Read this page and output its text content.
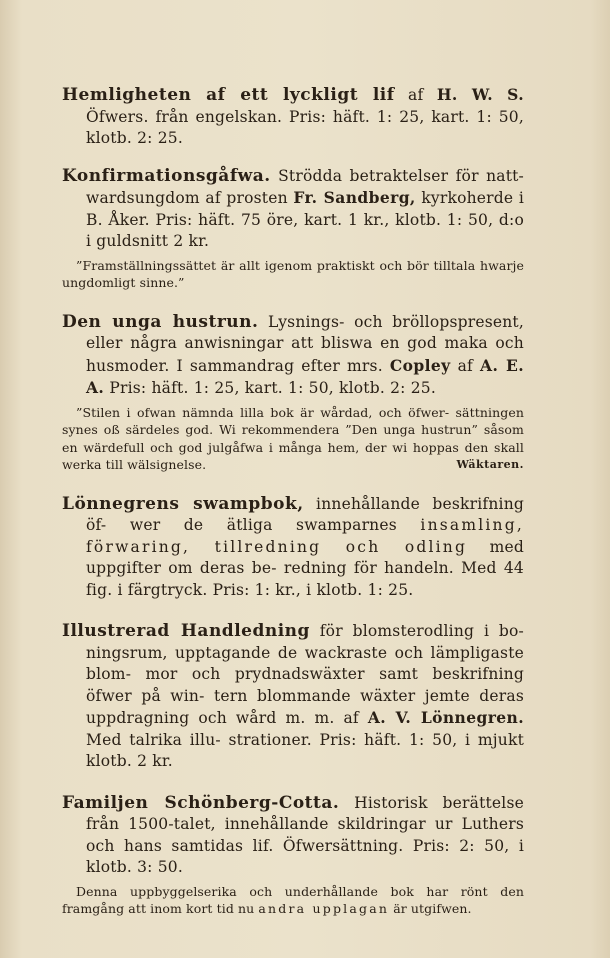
Hemligheten af ett lyckligt lif af H. W. S. Öfwers. från engelskan. Pris: häft. 1: 25, kart. 1: 50, klotb. 2: 25.

Konfirmationsgåfwa. Strödda betraktelser för natt- wardsungdom af prosten Fr. Sandberg, kyrkoherde i B. Åker. Pris: häft. 75 öre, kart. 1 kr., klotb. 1: 50, d:o i guldsnitt 2 kr.

”Framställningssättet är allt igenom praktiskt och bör tilltala hwarje ungdomligt sinne.”

Den unga hustrun. Lysnings- och bröllopspresent, eller några anwisningar att bliswa en god maka och husmoder. I sammandrag efter mrs. Copley af A. E. A. Pris: häft. 1: 25, kart. 1: 50, klotb. 2: 25.

”Stilen i ofwan nämnda lilla bok är wårdad, och öfwer- sättningen synes oß särdeles god. Wi rekommendera ”Den unga hustrun” såsom en wärdefull och god julgåfwa i många hem, der wi hoppas den skall werka till wälsignelse.	Wäktaren.

Lönnegrens swampbok, innehållande beskrifning öf- wer de ätliga swamparnes insamling, förwaring, tillredning och odling med uppgifter om deras be- redning för handeln. Med 44 fig. i färgtryck. Pris: 1: kr., i klotb. 1: 25.

Illustrerad Handledning för blomsterodling i bo- ningsrum, upptagande de wackraste och lämpligaste blom- mor och prydnadswäxter samt beskrifning öfwer på win- tern blommande wäxter jemte deras uppdragning och wård m. m. af A. V. Lönnegren. Med talrika illu- strationer. Pris: häft. 1: 50, i mjukt klotb. 2 kr.

Familjen Schönberg-Cotta. Historisk berättelse från 1500-talet, innehållande skildringar ur Luthers och hans samtidas lif. Öfwersättning. Pris: 2: 50, i klotb. 3: 50.

Denna uppbyggelserika och underhållande bok har rönt den framgång att inom kort tid nu andra upplagan är utgifwen.
